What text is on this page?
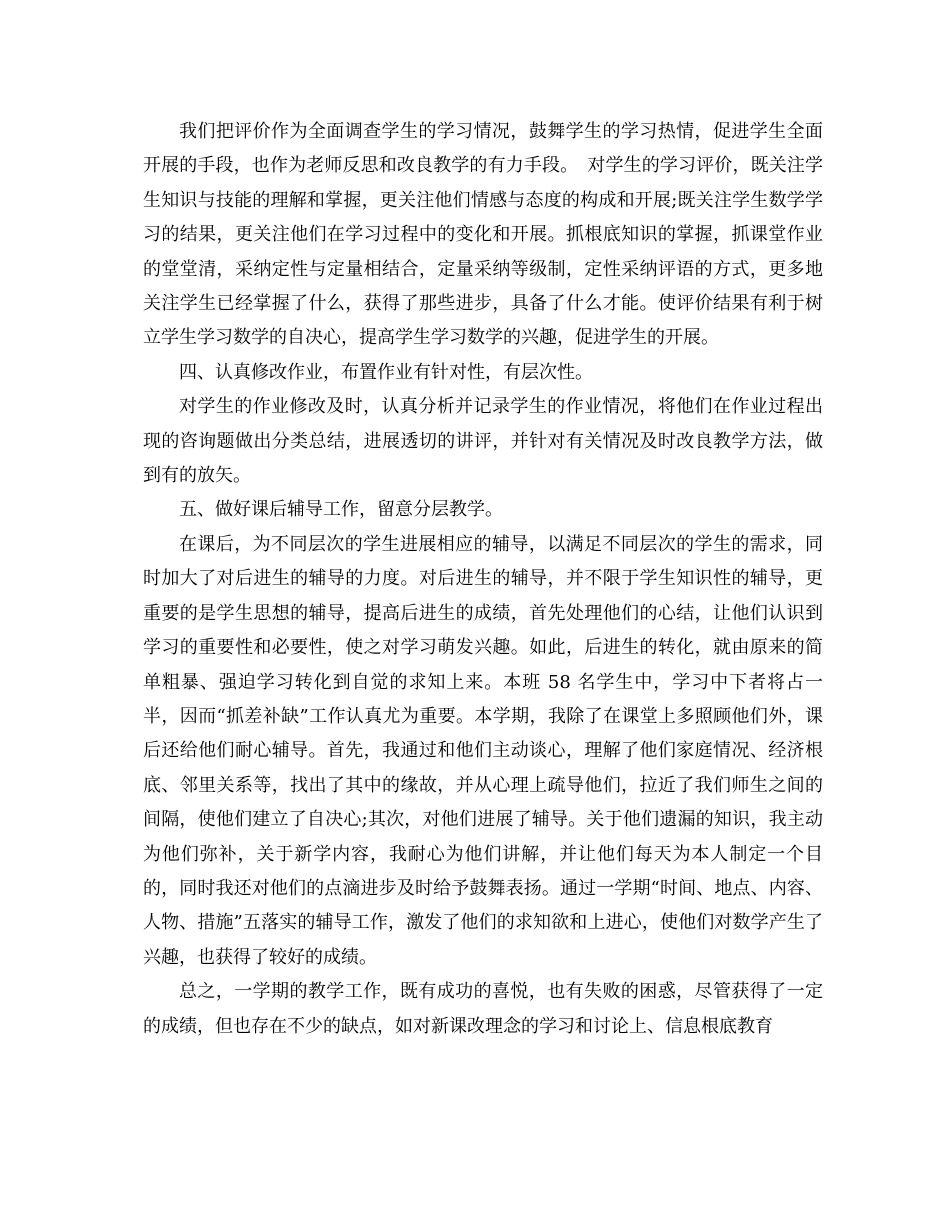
我们把评价作为全面调查学生的学习情况，鼓舞学生的学习热情，促进学生全面开展的手段，也作为老师反思和改良教学的有力手段。　对学生的学习评价，既关注学生知识与技能的理解和掌握，更关注他们情感与态度的构成和开展;既关注学生数学学习的结果，更关注他们在学习过程中的变化和开展。抓根底知识的掌握，抓课堂作业的堂堂清，采纳定性与定量相结合，定量采纳等级制，定性采纳评语的方式，更多地关注学生已经掌握了什么，获得了那些进步，具备了什么才能。使评价结果有利于树立学生学习数学的自决心，提高学生学习数学的兴趣，促进学生的开展。

四、认真修改作业，布置作业有针对性，有层次性。

对学生的作业修改及时，认真分析并记录学生的作业情况，将他们在作业过程出现的咨询题做出分类总结，进展透切的讲评，并针对有关情况及时改良教学方法，做到有的放矢。

五、做好课后辅导工作，留意分层教学。

在课后，为不同层次的学生进展相应的辅导，以满足不同层次的学生的需求，同时加大了对后进生的辅导的力度。对后进生的辅导，并不限于学生知识性的辅导，更重要的是学生思想的辅导，提高后进生的成绩，首先处理他们的心结，让他们认识到学习的重要性和必要性，使之对学习萌发兴趣。如此，后进生的转化，就由原来的简单粗暴、强迫学习转化到自觉的求知上来。本班 58 名学生中，学习中下者将占一半，因而“抓差补缺”工作认真尤为重要。本学期，我除了在课堂上多照顾他们外，课后还给他们耐心辅导。首先，我通过和他们主动谈心，理解了他们家庭情况、经济根底、邻里关系等，找出了其中的缘故，并从心理上疏导他们，拉近了我们师生之间的间隔，使他们建立了自决心;其次，对他们进展了辅导。关于他们遗漏的知识，我主动为他们弥补，关于新学内容，我耐心为他们讲解，并让他们每天为本人制定一个目的，同时我还对他们的点滴进步及时给予鼓舞表扬。通过一学期“时间、地点、内容、人物、措施”五落实的辅导工作，激发了他们的求知欲和上进心，使他们对数学产生了兴趣，也获得了较好的成绩。

总之，一学期的教学工作，既有成功的喜悦，也有失败的困惑，尽管获得了一定的成绩，但也存在不少的缺点，如对新课改理念的学习和讨论上、信息根底教育
